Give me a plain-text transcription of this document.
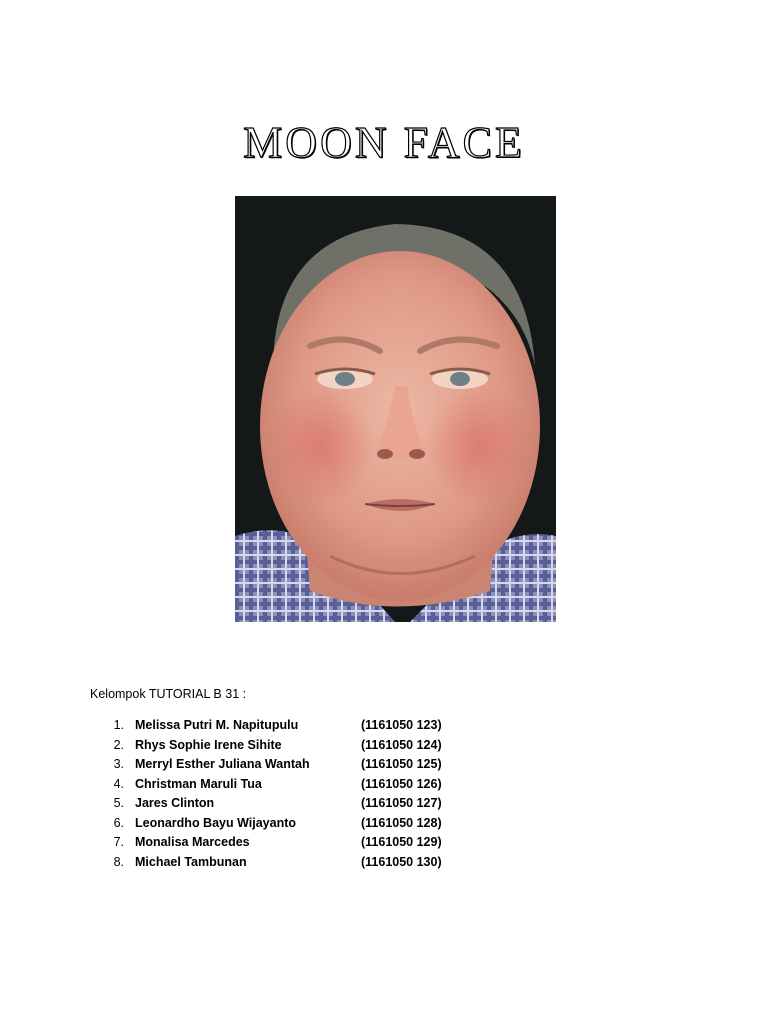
MOON FACE
Kelompok TUTORIAL B 31 :
1. Melissa Putri M. Napitupulu	(1161050 123)
2. Rhys Sophie Irene Sihite	(1161050 124)
3. Merryl Esther Juliana Wantah	(1161050 125)
4. Christman Maruli Tua	(1161050 126)
5. Jares Clinton	(1161050 127)
6. Leonardho Bayu Wijayanto	(1161050 128)
7. Monalisa Marcedes	(1161050 129)
8. Michael Tambunan	(1161050 130)
